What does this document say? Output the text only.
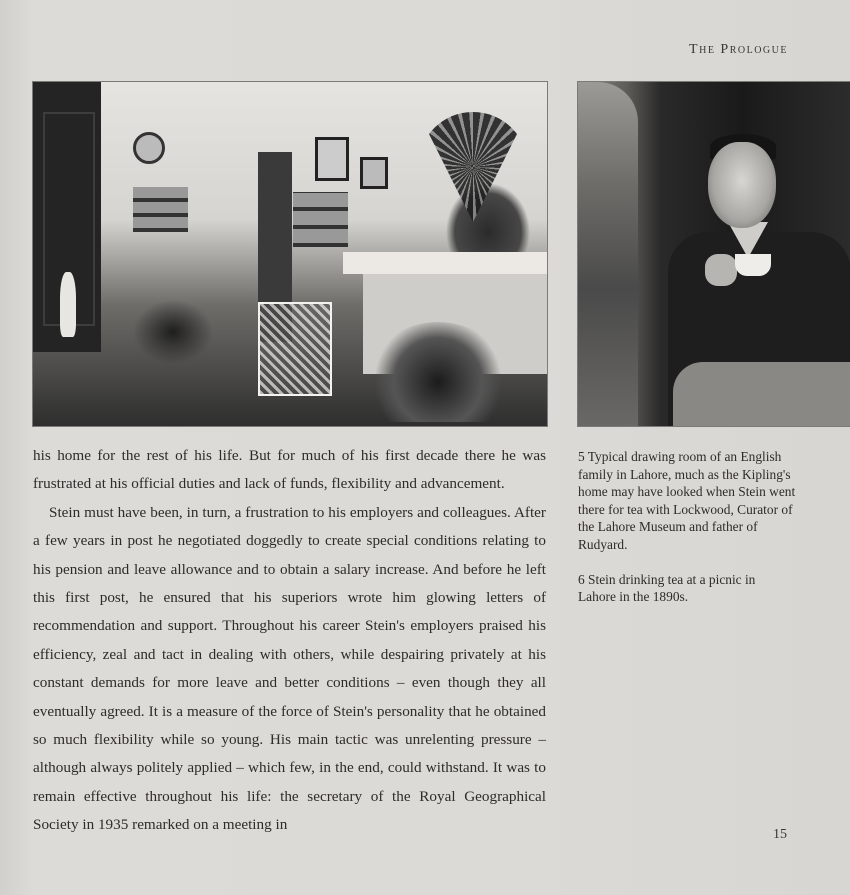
The Prologue

his home for the rest of his life. But for much of his first decade there he was frustrated at his official duties and lack of funds, flexibility and advancement.

Stein must have been, in turn, a frustration to his employers and colleagues. After a few years in post he negotiated doggedly to create special conditions relating to his pension and leave allowance and to obtain a salary increase. And before he left this first post, he ensured that his superiors wrote him glowing letters of recommendation and support. Throughout his career Stein's employers praised his efficiency, zeal and tact in dealing with others, while despairing privately at his constant demands for more leave and better conditions – even though they all eventually agreed. It is a measure of the force of Stein's personality that he obtained so much flexibility while so young. His main tactic was unrelenting pressure – although always politely applied – which few, in the end, could withstand. It was to remain effective throughout his life: the secretary of the Royal Geographical Society in 1935 remarked on a meeting in

5 Typical drawing room of an English family in Lahore, much as the Kipling's home may have looked when Stein went there for tea with Lockwood, Curator of the Lahore Museum and father of Rudyard.

6 Stein drinking tea at a picnic in Lahore in the 1890s.

15
